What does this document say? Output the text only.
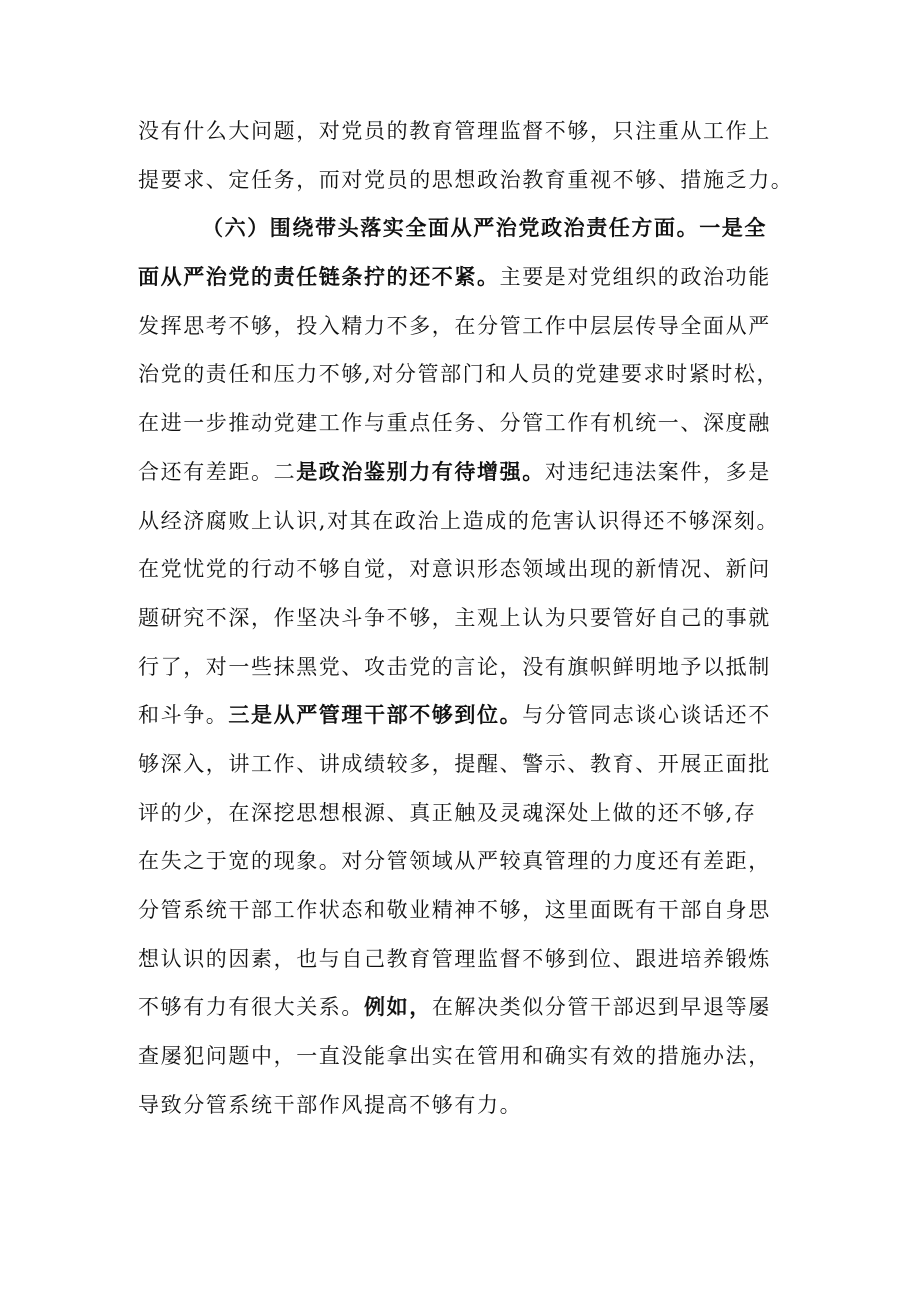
没有什么大问题，对党员的教育管理监督不够，只注重从工作上
提要求、定任务，而对党员的思想政治教育重视不够、措施乏力。
（六）围绕带头落实全面从严治党政治责任方面。一是全
面从严治党的责任链条拧的还不紧。主要是对党组织的政治功能
发挥思考不够，投入精力不多，在分管工作中层层传导全面从严
治党的责任和压力不够,对分管部门和人员的党建要求时紧时松，
在进一步推动党建工作与重点任务、分管工作有机统一、深度融
合还有差距。二是政治鉴别力有待增强。对违纪违法案件，多是
从经济腐败上认识,对其在政治上造成的危害认识得还不够深刻。
在党忧党的行动不够自觉，对意识形态领域出现的新情况、新问
题研究不深，作坚决斗争不够，主观上认为只要管好自己的事就
行了，对一些抹黑党、攻击党的言论，没有旗帜鲜明地予以抵制
和斗争。三是从严管理干部不够到位。与分管同志谈心谈话还不
够深入，讲工作、讲成绩较多，提醒、警示、教育、开展正面批
评的少，在深挖思想根源、真正触及灵魂深处上做的还不够,存
在失之于宽的现象。对分管领域从严较真管理的力度还有差距，
分管系统干部工作状态和敬业精神不够，这里面既有干部自身思
想认识的因素，也与自己教育管理监督不够到位、跟进培养锻炼
不够有力有很大关系。例如，在解决类似分管干部迟到早退等屡
查屡犯问题中，一直没能拿出实在管用和确实有效的措施办法，
导致分管系统干部作风提高不够有力。
